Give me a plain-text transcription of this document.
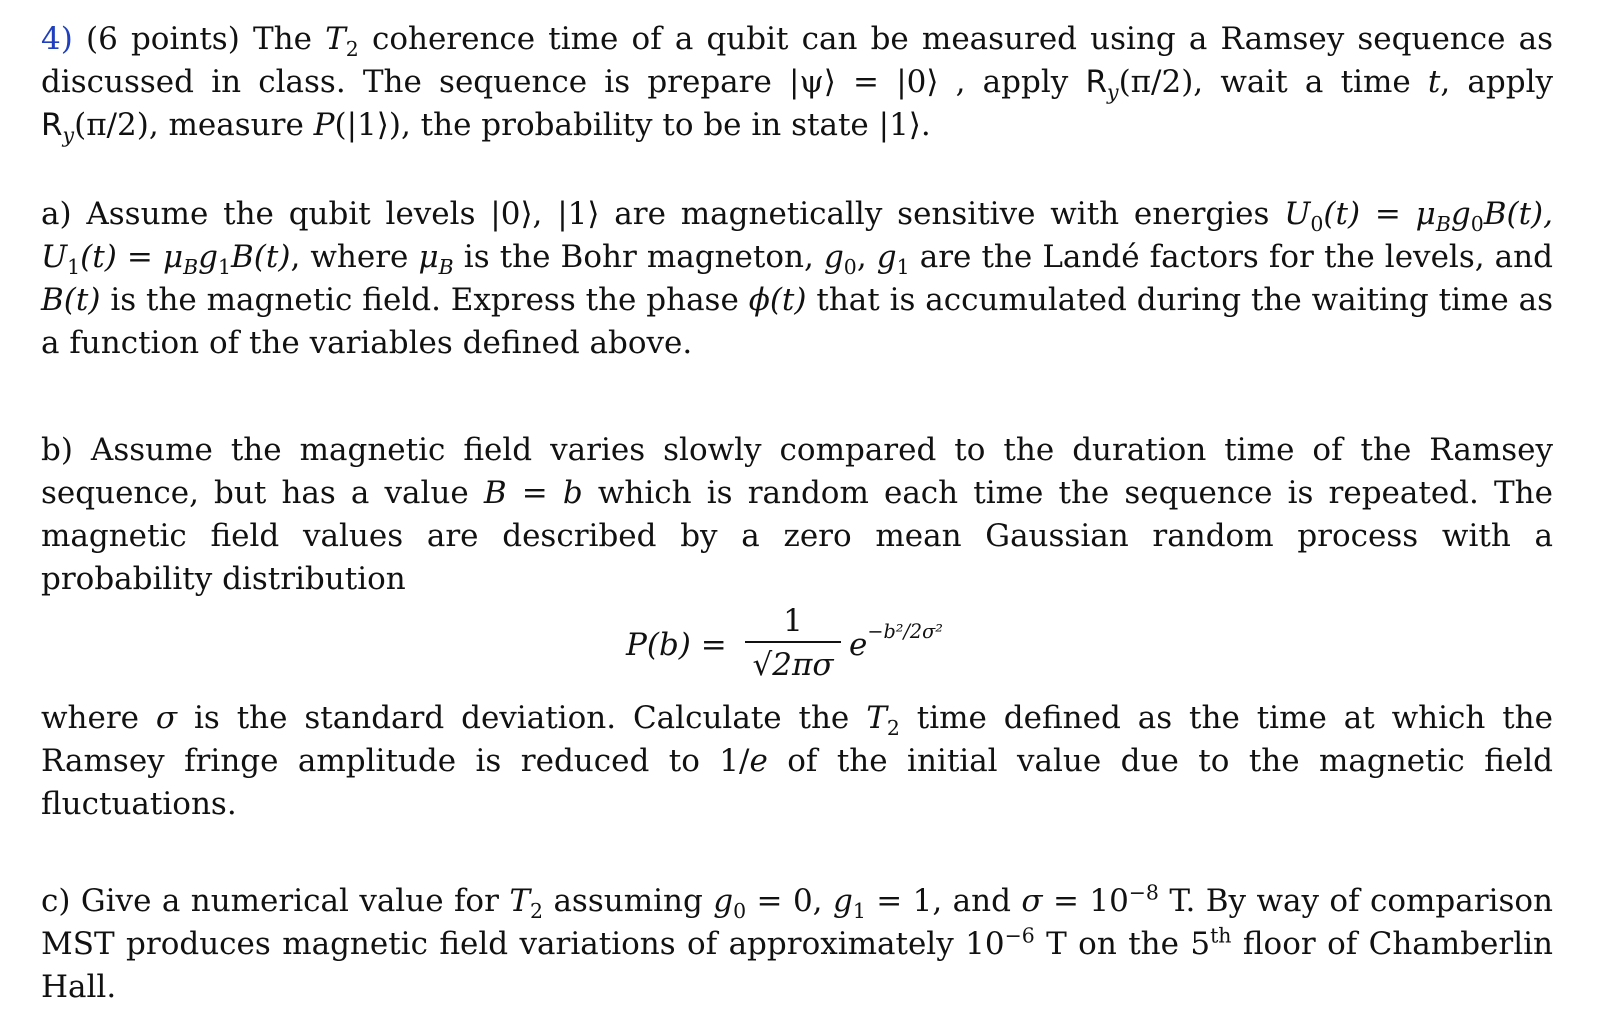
4) (6 points) The $T_2$ coherence time of a qubit can be measured using a Ramsey sequence as discussed in class. The sequence is prepare |ψ⟩ = |0⟩ , apply $R_y(\pi/2)$, wait a time t, apply $R_y(\pi/2)$, measure P(|1⟩), the probability to be in state |1⟩.

a) Assume the qubit levels |0⟩, |1⟩ are magnetically sensitive with energies $U_0(t) = \mu_Bg_0B(t)$, $U_1(t) = \mu_Bg_1B(t)$, where $\mu_B$ is the Bohr magneton, $g_0$, $g_1$ are the Landé factors for the levels, and B(t) is the magnetic field. Express the phase ϕ(t) that is accumulated during the waiting time as a function of the variables defined above.

b) Assume the magnetic field varies slowly compared to the duration time of the Ramsey sequence, but has a value B = b which is random each time the sequence is repeated. The magnetic field values are described by a zero mean Gaussian random process with a probability distribution

P(b) =
1
√2πσ
$e^{-b^2/2\sigma^2}$

where σ is the standard deviation. Calculate the $T_2$ time defined as the time at which the Ramsey fringe amplitude is reduced to 1/e of the initial value due to the magnetic field fluctuations.

c) Give a numerical value for $T_2$ assuming $g_0 = 0$, $g_1 = 1$, and $\sigma = 10^{-8}$ T. By way of comparison MST produces magnetic field variations of approximately $10^{-6}$ T on the 5th floor of Chamberlin Hall.
